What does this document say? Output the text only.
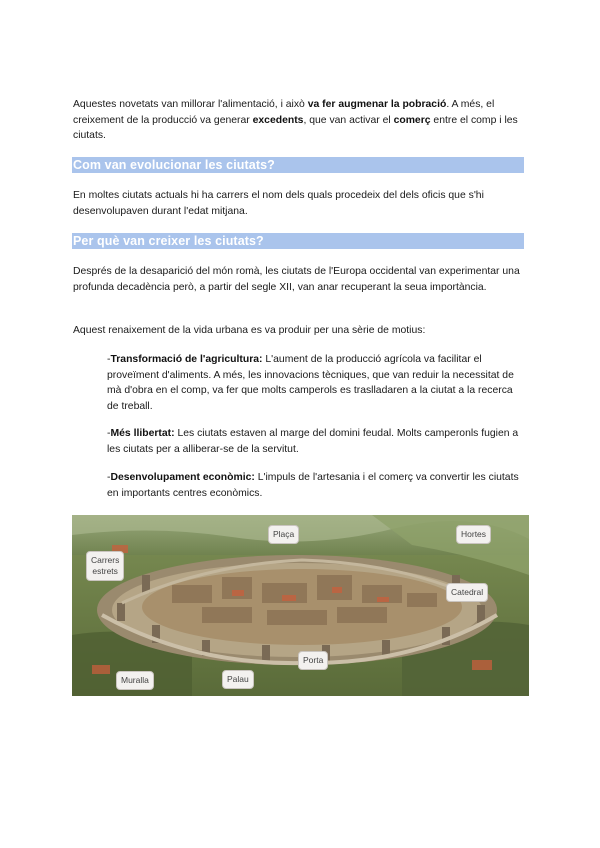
Aquestes novetats van millorar l'alimentació, i això va fer augmenar la pobració. A més, el creixement de la producció va generar excedents, que van activar el comerç entre el comp i les ciutats.

Com van evolucionar les ciutats?

En moltes ciutats actuals hi ha carrers el nom dels quals procedeix del dels oficis que s'hi desenvolupaven durant l'edat mitjana.

Per què van creixer les ciutats?

Després de la desaparició del món romà, les ciutats de l'Europa occidental van experimentar una profunda decadència però, a partir del segle XII, van anar recuperant la seua importància.

Aquest renaixement de la vida urbana es va produir per una sèrie de motius:

-Transformació de l'agricultura: L'aument de la producció agrícola va facilitar el proveïment d'aliments. A més, les innovacions tècniques, que van reduir la necessitat de mà d'obra en el comp, va fer que molts camperols es traslladaren a la ciutat a la recerca de treball.

-Més llibertat: Les ciutats estaven al marge del domini feudal. Molts camperonls fugien a les ciutats per a alliberar-se de la servitut.

-Desenvolupament econòmic: L'impuls de l'artesania i el comerç va convertir les ciutats en importants centres econòmics.

Plaça	Hortes
Carrers
estrets
Catedral
Porta
Muralla	Palau
